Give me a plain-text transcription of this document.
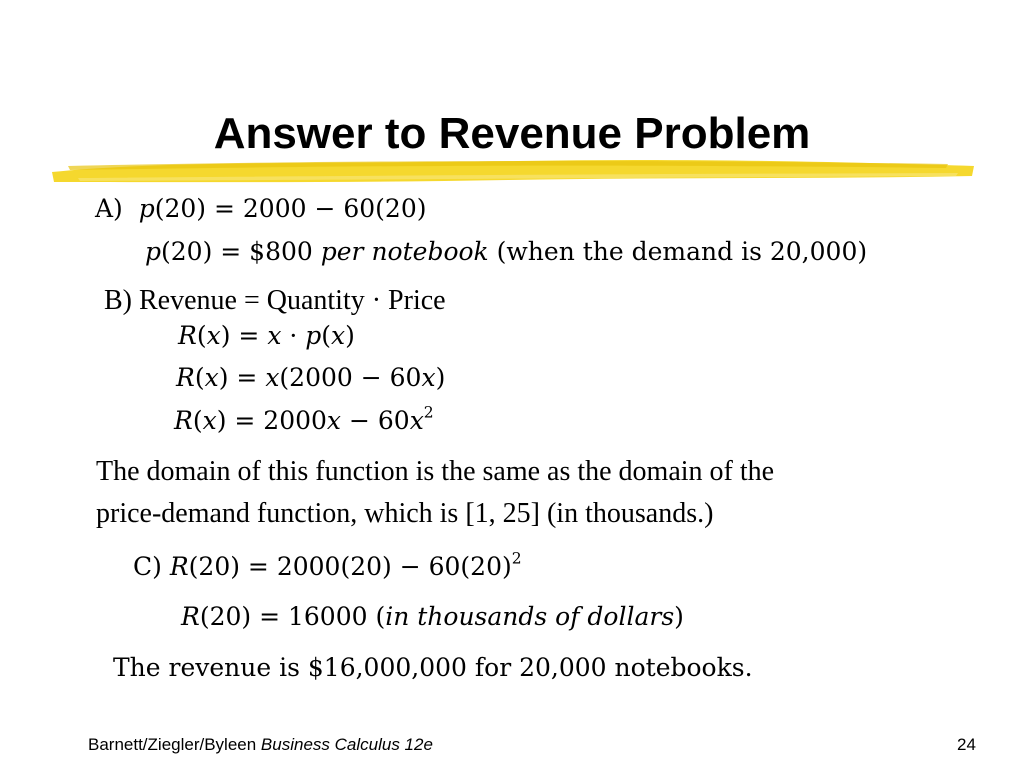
Answer to Revenue Problem
A) p(20) = 2000 − 60(20)
p(20) = $800 per notebook (when the demand is 20,000)
B) Revenue = Quantity · Price
R(x) = x · p(x)
R(x) = x(2000 − 60x)
$R(x) = 2000x - 60x^2$
The domain of this function is the same as the domain of the
price-demand function, which is [1, 25] (in thousands.)
C) $R(20) = 2000(20) - 60(20)^2$
R(20) = 16000 (in thousands of dollars)
The revenue is $16,000,000 for 20,000 notebooks.
Barnett/Ziegler/Byleen Business Calculus 12e	24
